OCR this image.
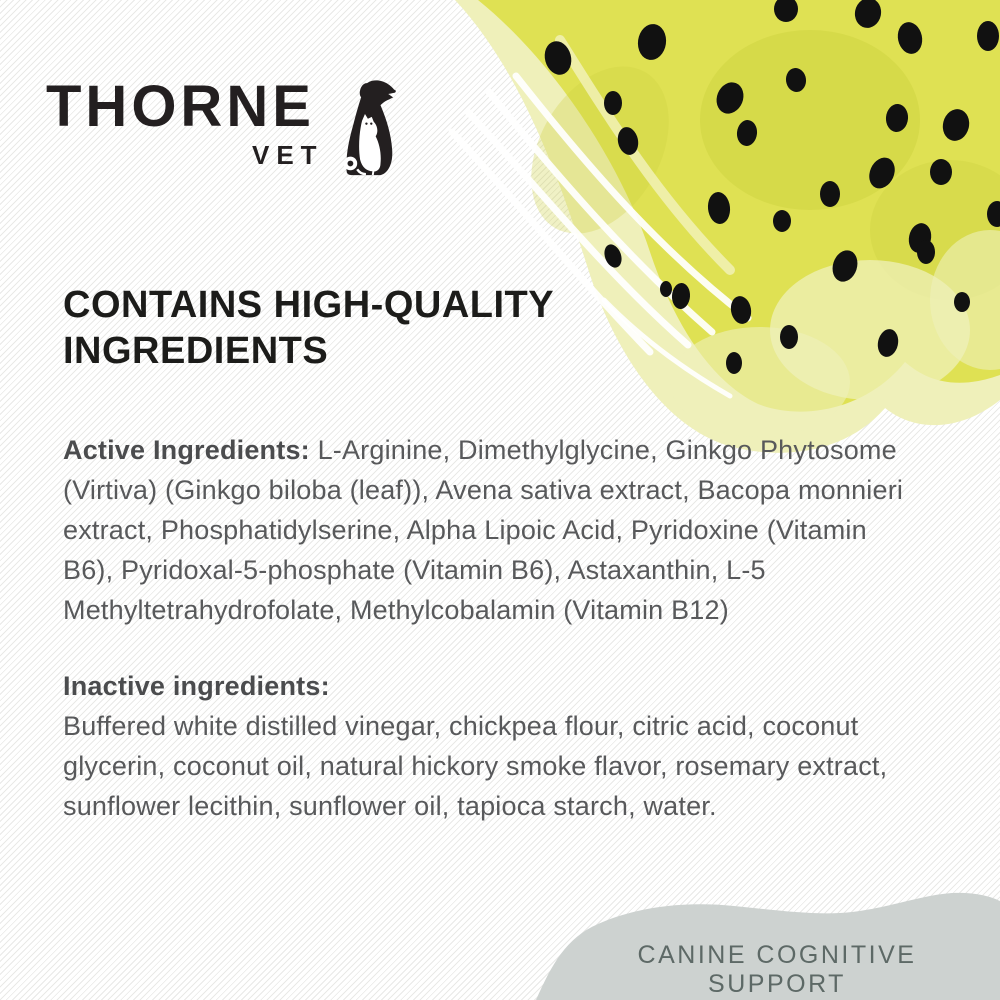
THORNE
VET
CONTAINS HIGH-QUALITY INGREDIENTS

Active Ingredients: L-Arginine, Dimethylglycine, Ginkgo Phytosome (Virtiva) (Ginkgo biloba (leaf)), Avena sativa extract, Bacopa monnieri extract, Phosphatidylserine, Alpha Lipoic Acid, Pyridoxine (Vitamin B6), Pyridoxal-5-phosphate (Vitamin B6), Astaxanthin, L-5 Methyltetrahydrofolate, Methylcobalamin (Vitamin B12)

Inactive ingredients:
Buffered white distilled vinegar, chickpea flour, citric acid, coconut glycerin, coconut oil, natural hickory smoke flavor, rosemary extract, sunflower lecithin, sunflower oil, tapioca starch, water.

CANINE COGNITIVE SUPPORT
